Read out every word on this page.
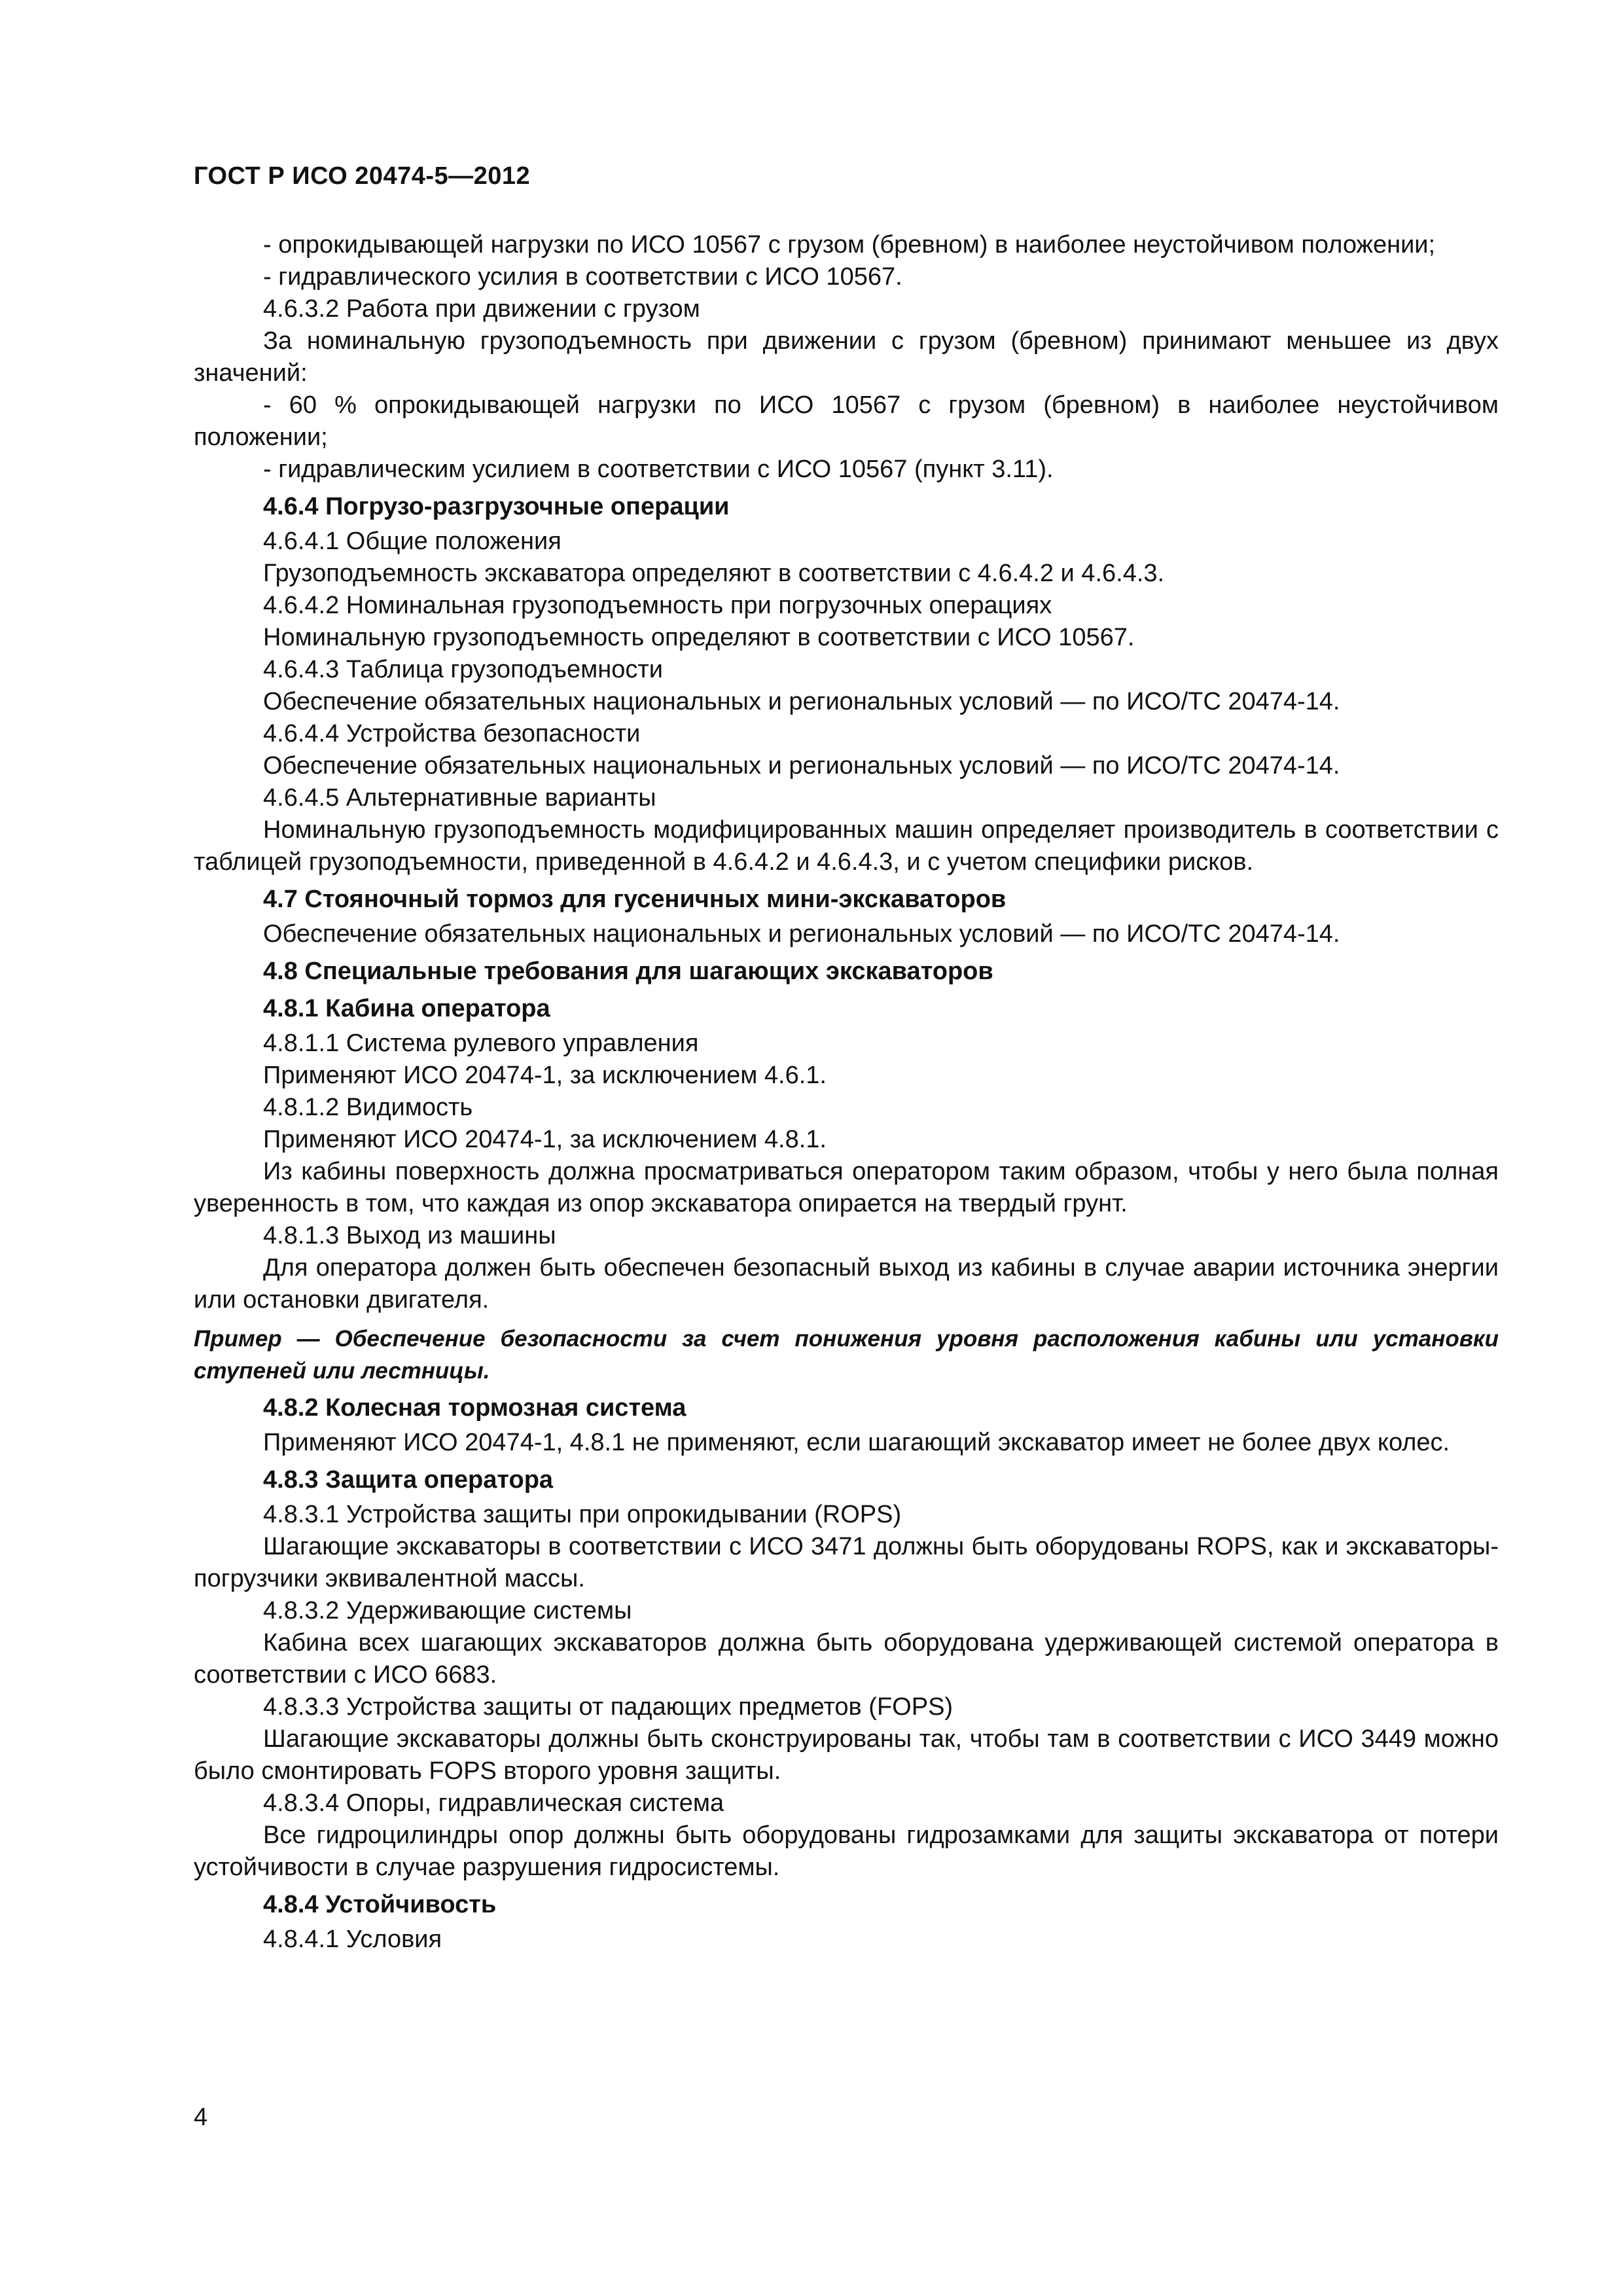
ГОСТ Р ИСО 20474-5—2012

- опрокидывающей нагрузки по ИСО 10567 с грузом (бревном) в наиболее неустойчивом положении;

- гидравлического усилия в соответствии с ИСО 10567.

4.6.3.2 Работа при движении с грузом

За номинальную грузоподъемность при движении с грузом (бревном) принимают меньшее из двух значений:

- 60 % опрокидывающей нагрузки по ИСО 10567 с грузом (бревном) в наиболее неустойчивом положении;

- гидравлическим усилием в соответствии с ИСО 10567 (пункт 3.11).

4.6.4 Погрузо-разгрузочные операции

4.6.4.1 Общие положения

Грузоподъемность экскаватора определяют в соответствии с 4.6.4.2 и 4.6.4.3.

4.6.4.2 Номинальная грузоподъемность при погрузочных операциях

Номинальную грузоподъемность определяют в соответствии с ИСО 10567.

4.6.4.3 Таблица грузоподъемности

Обеспечение обязательных национальных и региональных условий — по ИСО/ТС 20474-14.

4.6.4.4 Устройства безопасности

Обеспечение обязательных национальных и региональных условий — по ИСО/ТС 20474-14.

4.6.4.5 Альтернативные варианты

Номинальную грузоподъемность модифицированных машин определяет производитель в соответствии с таблицей грузоподъемности, приведенной в 4.6.4.2 и 4.6.4.3, и с учетом специфики рисков.

4.7 Стояночный тормоз для гусеничных мини-экскаваторов

Обеспечение обязательных национальных и региональных условий — по ИСО/ТС 20474-14.

4.8 Специальные требования для шагающих экскаваторов

4.8.1 Кабина оператора

4.8.1.1 Система рулевого управления

Применяют ИСО 20474-1, за исключением 4.6.1.

4.8.1.2 Видимость

Применяют ИСО 20474-1, за исключением 4.8.1.

Из кабины поверхность должна просматриваться оператором таким образом, чтобы у него была полная уверенность в том, что каждая из опор экскаватора опирается на твердый грунт.

4.8.1.3 Выход из машины

Для оператора должен быть обеспечен безопасный выход из кабины в случае аварии источника энергии или остановки двигателя.

Пример — Обеспечение безопасности за счет понижения уровня расположения кабины или установки ступеней или лестницы.

4.8.2 Колесная тормозная система

Применяют ИСО 20474-1, 4.8.1 не применяют, если шагающий экскаватор имеет не более двух колес.

4.8.3 Защита оператора

4.8.3.1 Устройства защиты при опрокидывании (ROPS)

Шагающие экскаваторы в соответствии с ИСО 3471 должны быть оборудованы ROPS, как и экскаваторы-погрузчики эквивалентной массы.

4.8.3.2 Удерживающие системы

Кабина всех шагающих экскаваторов должна быть оборудована удерживающей системой оператора в соответствии с ИСО 6683.

4.8.3.3 Устройства защиты от падающих предметов (FOPS)

Шагающие экскаваторы должны быть сконструированы так, чтобы там в соответствии с ИСО 3449 можно было смонтировать FOPS второго уровня защиты.

4.8.3.4 Опоры, гидравлическая система

Все гидроцилиндры опор должны быть оборудованы гидрозамками для защиты экскаватора от потери устойчивости в случае разрушения гидросистемы.

4.8.4 Устойчивость

4.8.4.1 Условия

4
